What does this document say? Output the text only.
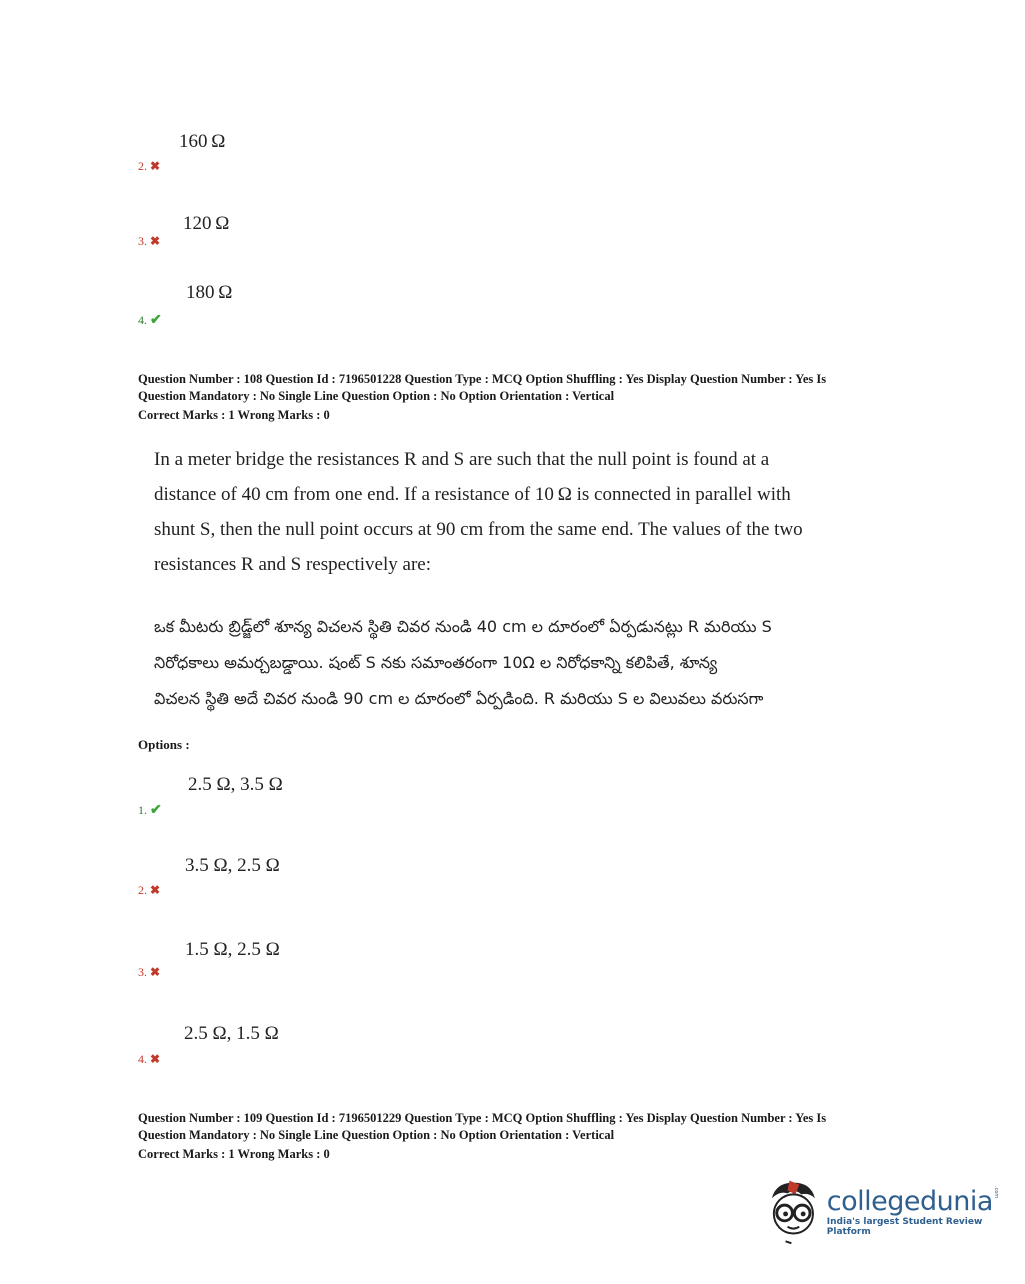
160 Ω
2. ✖
120 Ω
3. ✖
180 Ω
4. ✔
Question Number : 108 Question Id : 7196501228 Question Type : MCQ Option Shuffling : Yes Display Question Number : Yes Is
Question Mandatory : No Single Line Question Option : No Option Orientation : Vertical
Correct Marks : 1 Wrong Marks : 0
In a meter bridge the resistances R and S are such that the null point is found at a
distance of 40 cm from one end. If a resistance of 10 Ω is connected in parallel with
shunt S, then the null point occurs at 90 cm from the same end. The values of the two
resistances R and S respectively are:
ఒక మీటరు బ్రిడ్జ్‌లో శూన్య విచలన స్థితి చివర నుండి 40 cm ల దూరంలో ఏర్పడునట్లు R మరియు S
నిరోధకాలు అమర్చబడ్డాయి. షంట్ S నకు సమాంతరంగా 10Ω ల నిరోధకాన్ని కలిపితే, శూన్య
విచలన స్థితి అదే చివర నుండి 90 cm ల దూరంలో ఏర్పడింది. R మరియు S ల విలువలు వరుసగా
Options :
2.5 Ω, 3.5 Ω
1. ✔
3.5 Ω, 2.5 Ω
2. ✖
1.5 Ω, 2.5 Ω
3. ✖
2.5 Ω, 1.5 Ω
4. ✖
Question Number : 109 Question Id : 7196501229 Question Type : MCQ Option Shuffling : Yes Display Question Number : Yes Is
Question Mandatory : No Single Line Question Option : No Option Orientation : Vertical
Correct Marks : 1 Wrong Marks : 0
collegedunia .com
India's largest Student Review Platform
